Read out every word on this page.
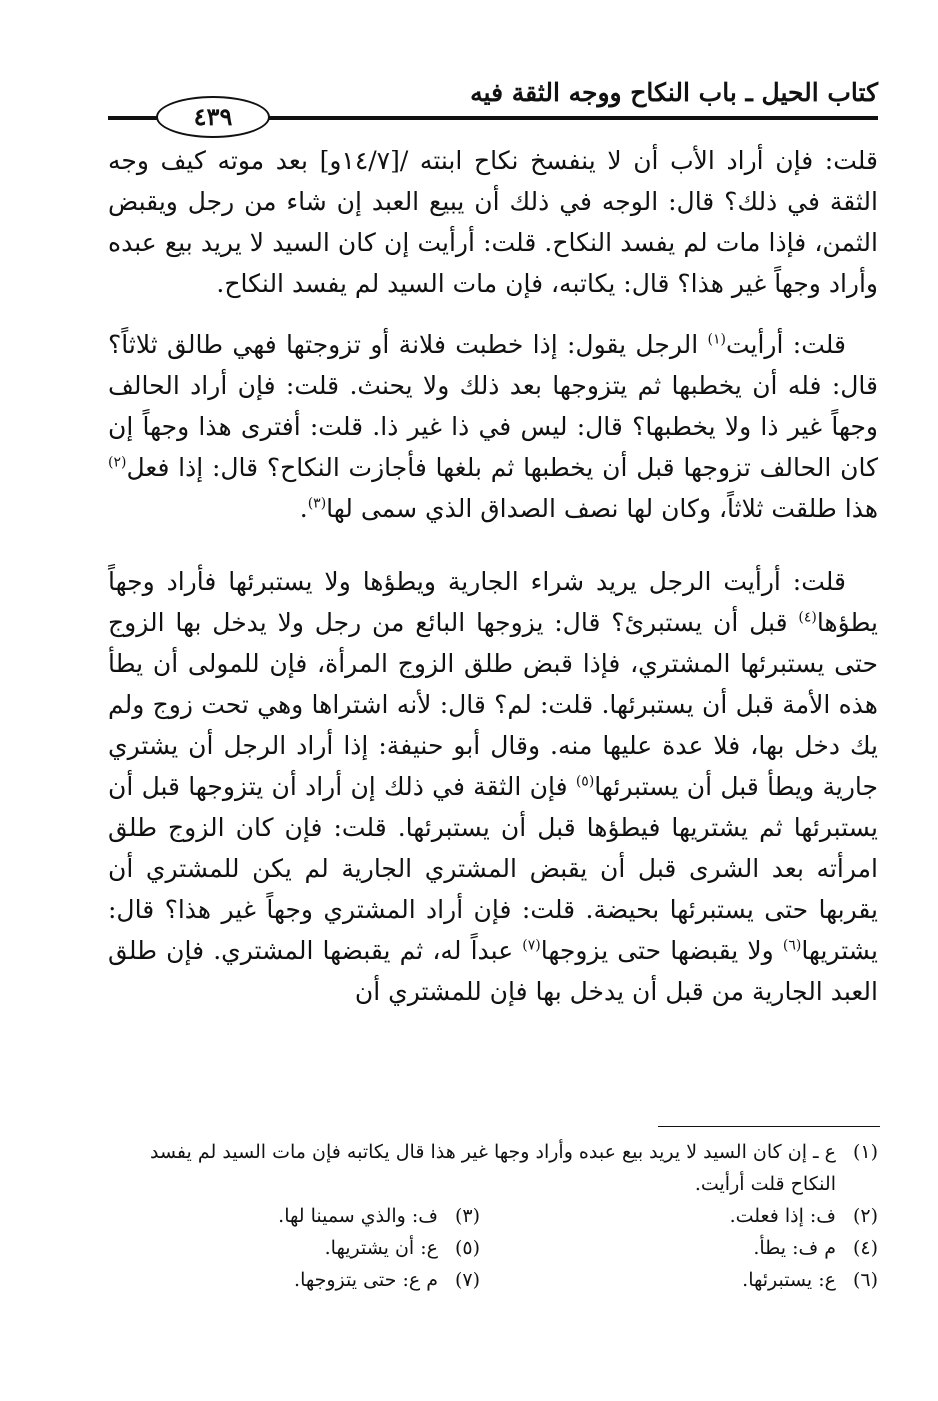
كتاب الحيل ـ باب النكاح ووجه الثقة فيه
٤٣٩

قلت: فإن أراد الأب أن لا ينفسخ نكاح ابنته /[١٤/٧و] بعد موته كيف وجه الثقة في ذلك؟ قال: الوجه في ذلك أن يبيع العبد إن شاء من رجل ويقبض الثمن، فإذا مات لم يفسد النكاح. قلت: أرأيت إن كان السيد لا يريد بيع عبده وأراد وجهاً غير هذا؟ قال: يكاتبه، فإن مات السيد لم يفسد النكاح.

قلت: أرأيت$^{(١)}$ الرجل يقول: إذا خطبت فلانة أو تزوجتها فهي طالق ثلاثاً؟ قال: فله أن يخطبها ثم يتزوجها بعد ذلك ولا يحنث. قلت: فإن أراد الحالف وجهاً غير ذا ولا يخطبها؟ قال: ليس في ذا غير ذا. قلت: أفترى هذا وجهاً إن كان الحالف تزوجها قبل أن يخطبها ثم بلغها فأجازت النكاح؟ قال: إذا فعل$^{(٢)}$ هذا طلقت ثلاثاً، وكان لها نصف الصداق الذي سمى لها$^{(٣)}$.

قلت: أرأيت الرجل يريد شراء الجارية ويطؤها ولا يستبرئها فأراد وجهاً يطؤها$^{(٤)}$ قبل أن يستبرئ؟ قال: يزوجها البائع من رجل ولا يدخل بها الزوج حتى يستبرئها المشتري، فإذا قبض طلق الزوج المرأة، فإن للمولى أن يطأ هذه الأمة قبل أن يستبرئها. قلت: لم؟ قال: لأنه اشتراها وهي تحت زوج ولم يك دخل بها، فلا عدة عليها منه. وقال أبو حنيفة: إذا أراد الرجل أن يشتري جارية ويطأ قبل أن يستبرئها$^{(٥)}$ فإن الثقة في ذلك إن أراد أن يتزوجها قبل أن يستبرئها ثم يشتريها فيطؤها قبل أن يستبرئها. قلت: فإن كان الزوج طلق امرأته بعد الشرى قبل أن يقبض المشتري الجارية لم يكن للمشتري أن يقربها حتى يستبرئها بحيضة. قلت: فإن أراد المشتري وجهاً غير هذا؟ قال: يشتريها$^{(٦)}$ ولا يقبضها حتى يزوجها$^{(٧)}$ عبداً له، ثم يقبضها المشتري. فإن طلق العبد الجارية من قبل أن يدخل بها فإن للمشتري أن

(١)
ع ـ إن كان السيد لا يريد بيع عبده وأراد وجها غير هذا قال يكاتبه فإن مات السيد لم يفسد النكاح قلت أرأيت.
(٢)
ف: إذا فعلت.
(٣)
ف: والذي سمينا لها.
(٤)
م ف: يطأ.
(٥)
ع: أن يشتريها.
(٦)
ع: يستبرئها.
(٧)
م ع: حتى يتزوجها.
